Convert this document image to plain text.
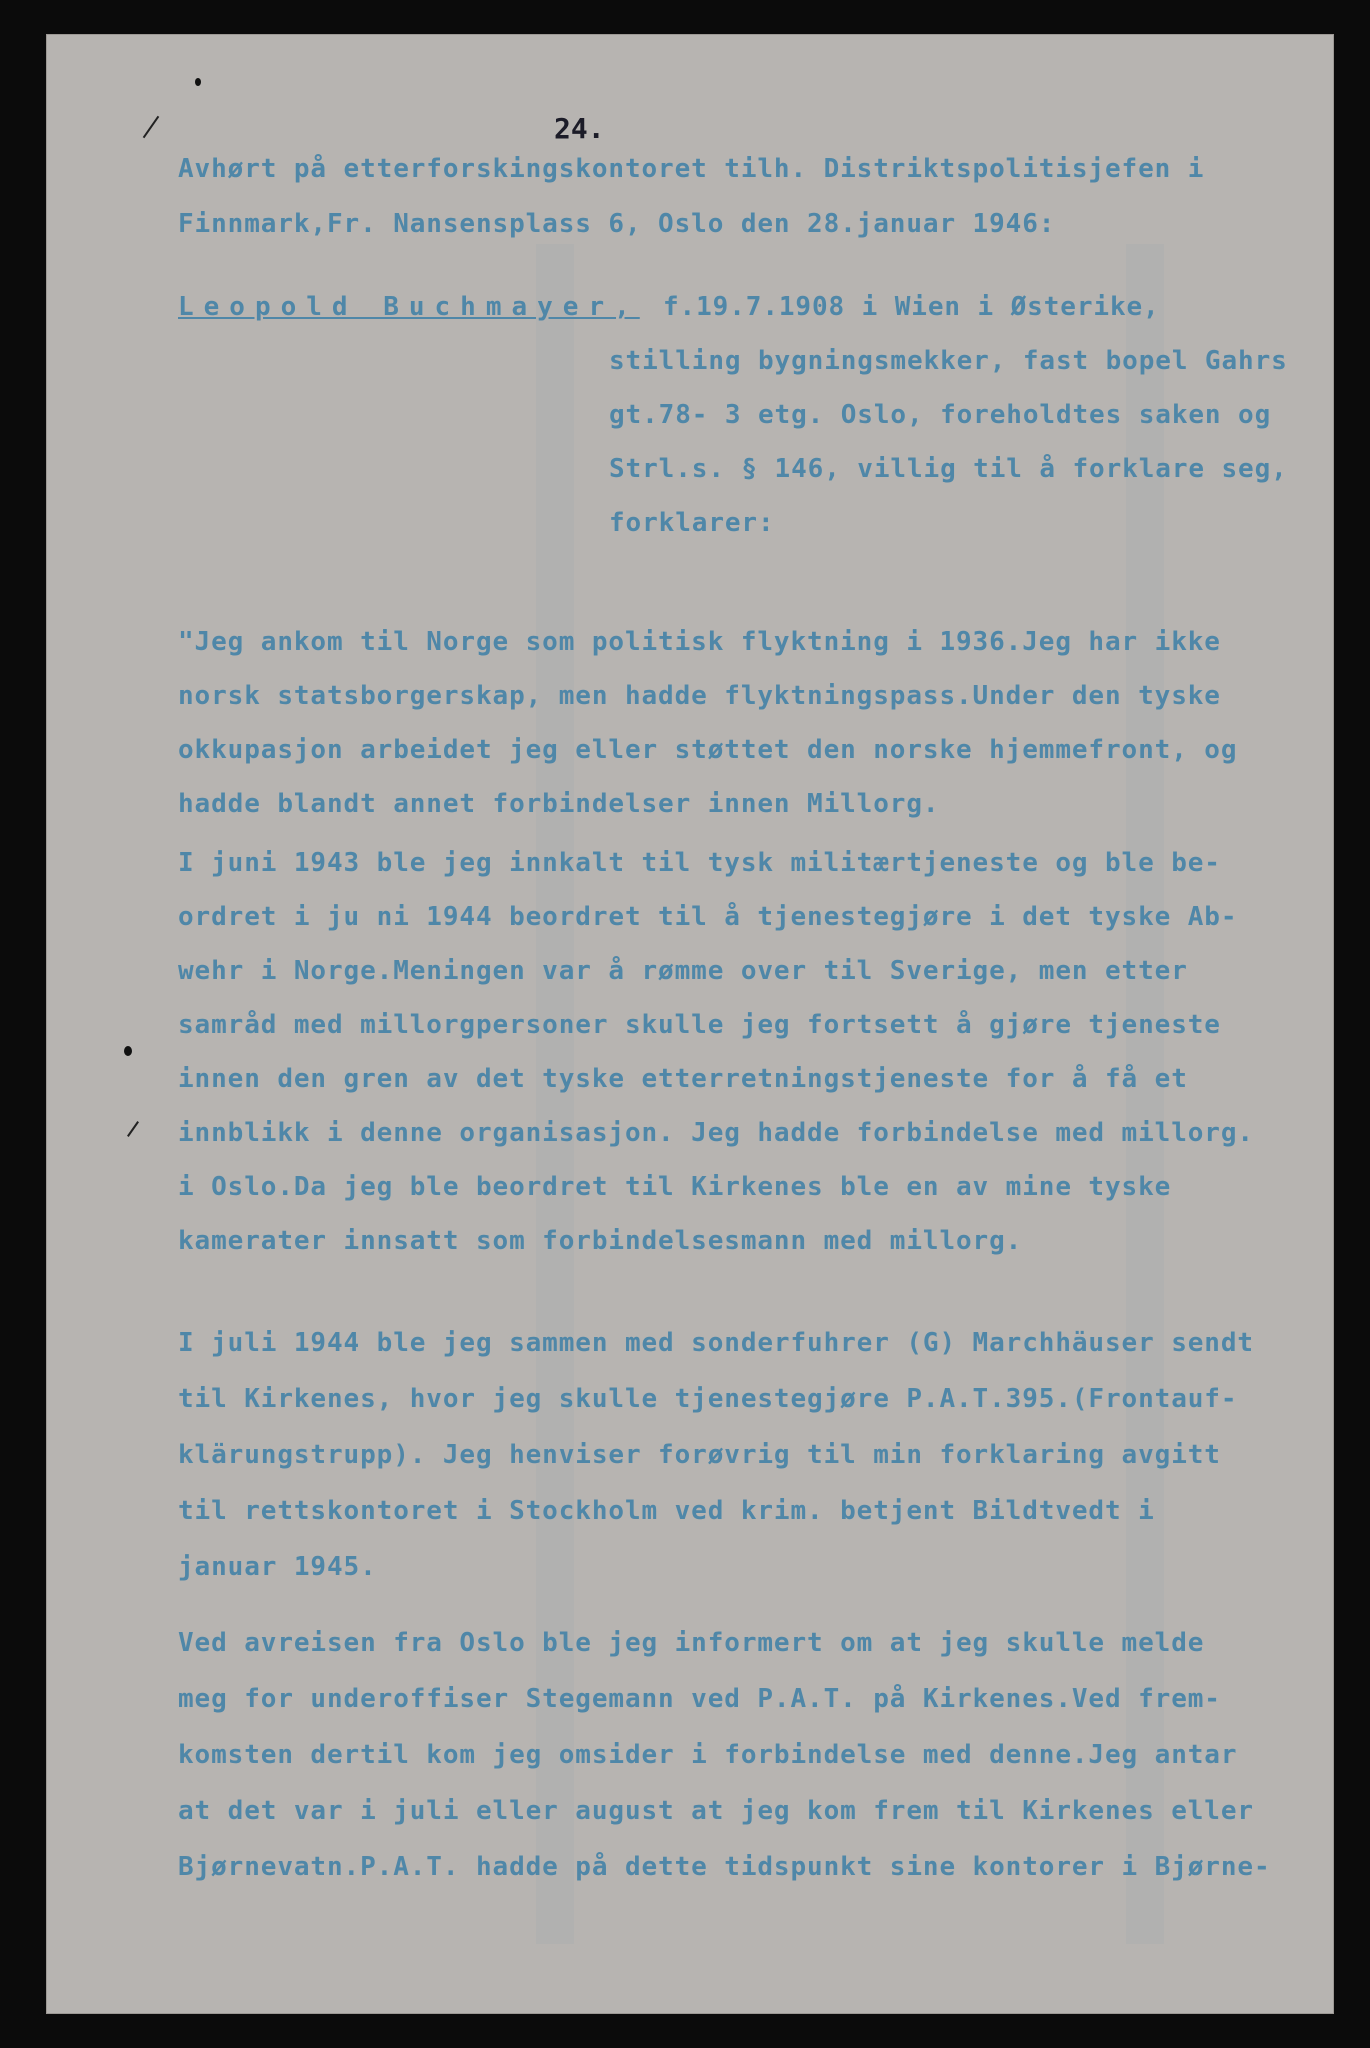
24.
Avhørt på etterforskingskontoret tilh. Distriktspolitisjefen i
Finnmark,Fr. Nansensplass 6, Oslo den 28.januar 1946:
Leopold Buchmayer, f.19.7.1908 i Wien i Østerike,
stilling bygningsmekker, fast bopel Gahrs
gt.78- 3 etg. Oslo, foreholdtes saken og
Strl.s. § 146, villig til å forklare seg,
forklarer:
"Jeg ankom til Norge som politisk flyktning i 1936.Jeg har ikke
norsk statsborgerskap, men hadde flyktningspass.Under den tyske
okkupasjon arbeidet jeg eller støttet den norske hjemmefront, og
hadde blandt annet forbindelser innen Millorg.
I juni 1943 ble jeg innkalt til tysk militærtjeneste og ble be-
ordret i ju ni 1944 beordret til å tjenestegjøre i det tyske Ab-
wehr i Norge.Meningen var å rømme over til Sverige, men etter
samråd med millorgpersoner skulle jeg fortsett å gjøre tjeneste
innen den gren av det tyske etterretningstjeneste for å få et
innblikk i denne organisasjon. Jeg hadde forbindelse med millorg.
i Oslo.Da jeg ble beordret til Kirkenes ble en av mine tyske
kamerater innsatt som forbindelsesmann med millorg.
I juli 1944 ble jeg sammen med sonderfuhrer (G) Marchhäuser sendt
til Kirkenes, hvor jeg skulle tjenestegjøre P.A.T.395.(Frontauf-
klärungstrupp). Jeg henviser forøvrig til min forklaring avgitt
til rettskontoret i Stockholm ved krim. betjent Bildtvedt i
januar 1945.
Ved avreisen fra Oslo ble jeg informert om at jeg skulle melde
meg for underoffiser Stegemann ved P.A.T. på Kirkenes.Ved frem-
komsten dertil kom jeg omsider i forbindelse med denne.Jeg antar
at det var i juli eller august at jeg kom frem til Kirkenes eller
Bjørnevatn.P.A.T. hadde på dette tidspunkt sine kontorer i Bjørne-
